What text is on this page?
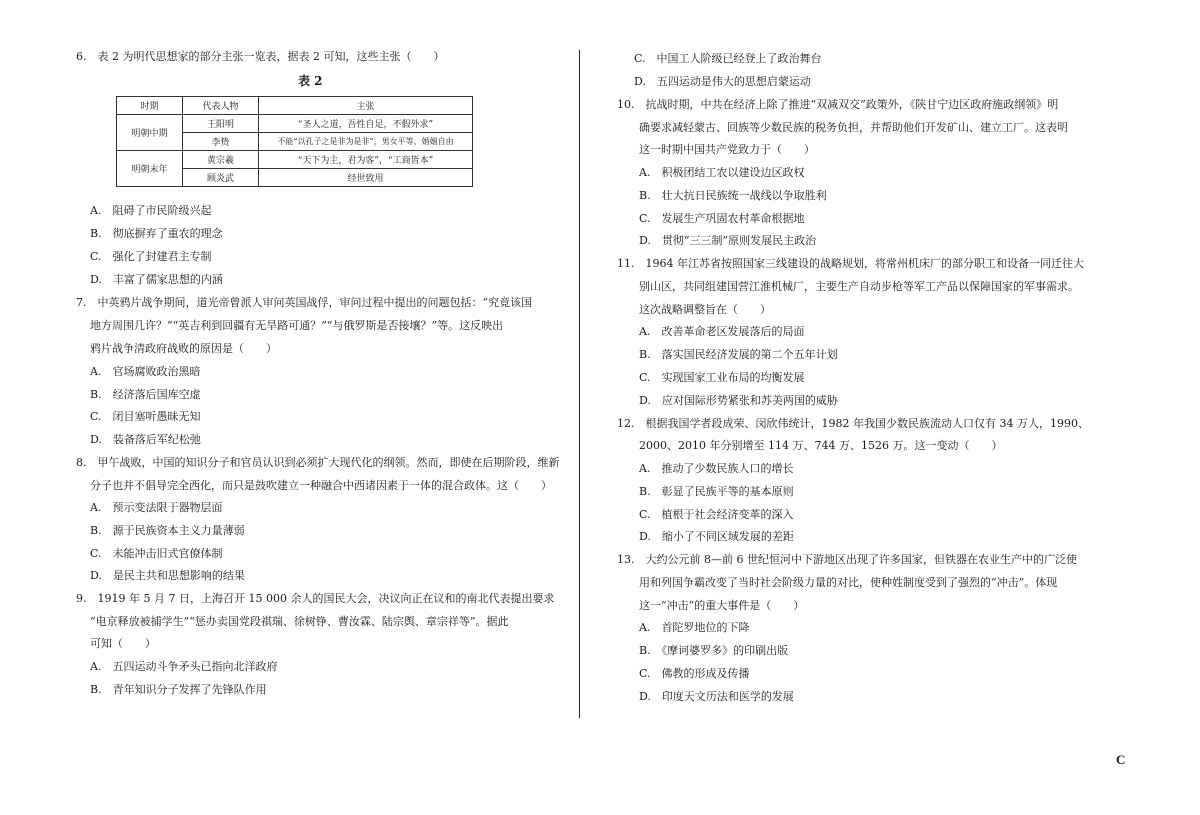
6.　表 2 为明代思想家的部分主张一览表，据表 2 可知，这些主张（　　）
表 2
时期	代表人物	主张
明朝中期	王阳明	“圣人之道，吾性自足，不假外求”
	李贽	不能“以孔子之是非为是非”，男女平等，婚姻自由
明朝末年	黄宗羲	“天下为主，君为客”，“工商皆本”
	顾炎武	经世致用
A.　阻碍了市民阶级兴起
B.　彻底摒弃了重农的理念
C.　强化了封建君主专制
D.　丰富了儒家思想的内涵
7.　中英鸦片战争期间，道光帝曾派人审问英国战俘，审问过程中提出的问题包括：“究竟该国
地方周围几许？”“英吉利到回疆有无旱路可通？”“与俄罗斯是否接壤？”等。这反映出
鸦片战争清政府战败的原因是（　　）
A.　官场腐败政治黑暗
B.　经济落后国库空虚
C.　闭目塞听愚昧无知
D.　装备落后军纪松弛
8.　甲午战败，中国的知识分子和官员认识到必须扩大现代化的纲领。然而，即使在后期阶段，维新
分子也并不倡导完全西化，而只是鼓吹建立一种融合中西诸因素于一体的混合政体。这（　　）
A.　预示变法限于器物层面
B.　源于民族资本主义力量薄弱
C.　未能冲击旧式官僚体制
D.　是民主共和思想影响的结果
9.　1919 年 5 月 7 日，上海召开 15 000 余人的国民大会，决议向正在议和的南北代表提出要求
“电京释放被捕学生”“惩办卖国党段祺瑞、徐树铮、曹汝霖、陆宗舆、章宗祥等”。据此
可知（　　）
A.　五四运动斗争矛头已指向北洋政府
B.　青年知识分子发挥了先锋队作用
C.　中国工人阶级已经登上了政治舞台
D.　五四运动是伟大的思想启蒙运动
10.　抗战时期，中共在经济上除了推进“双减双交”政策外，《陕甘宁边区政府施政纲领》明
确要求减轻蒙古、回族等少数民族的税务负担，并帮助他们开发矿山、建立工厂。这表明
这一时期中国共产党致力于（　　）
A.　积极团结工农以建设边区政权
B.　壮大抗日民族统一战线以争取胜利
C.　发展生产巩固农村革命根据地
D.　贯彻“三三制”原则发展民主政治
11.　1964 年江苏省按照国家三线建设的战略规划，将常州机床厂的部分职工和设备一同迁往大
别山区，共同组建国营江淮机械厂，主要生产自动步枪等军工产品以保障国家的军事需求。
这次战略调整旨在（　　）
A.　改善革命老区发展落后的局面
B.　落实国民经济发展的第二个五年计划
C.　实现国家工业布局的均衡发展
D.　应对国际形势紧张和苏美两国的威胁
12.　根据我国学者段成荣、闵欣伟统计，1982 年我国少数民族流动人口仅有 34 万人，1990、
2000、2010 年分别增至 114 万、744 万、1526 万。这一变动（　　）
A.　推动了少数民族人口的增长
B.　彰显了民族平等的基本原则
C.　植根于社会经济变革的深入
D.　缩小了不同区域发展的差距
13.　大约公元前 8—前 6 世纪恒河中下游地区出现了许多国家，但铁器在农业生产中的广泛使
用和列国争霸改变了当时社会阶级力量的对比，使种姓制度受到了强烈的“冲击”。体现
这一“冲击”的重大事件是（　　）
A.　首陀罗地位的下降
B.　《摩诃婆罗多》的印刷出版
C.　佛教的形成及传播
D.　印度天文历法和医学的发展
C
